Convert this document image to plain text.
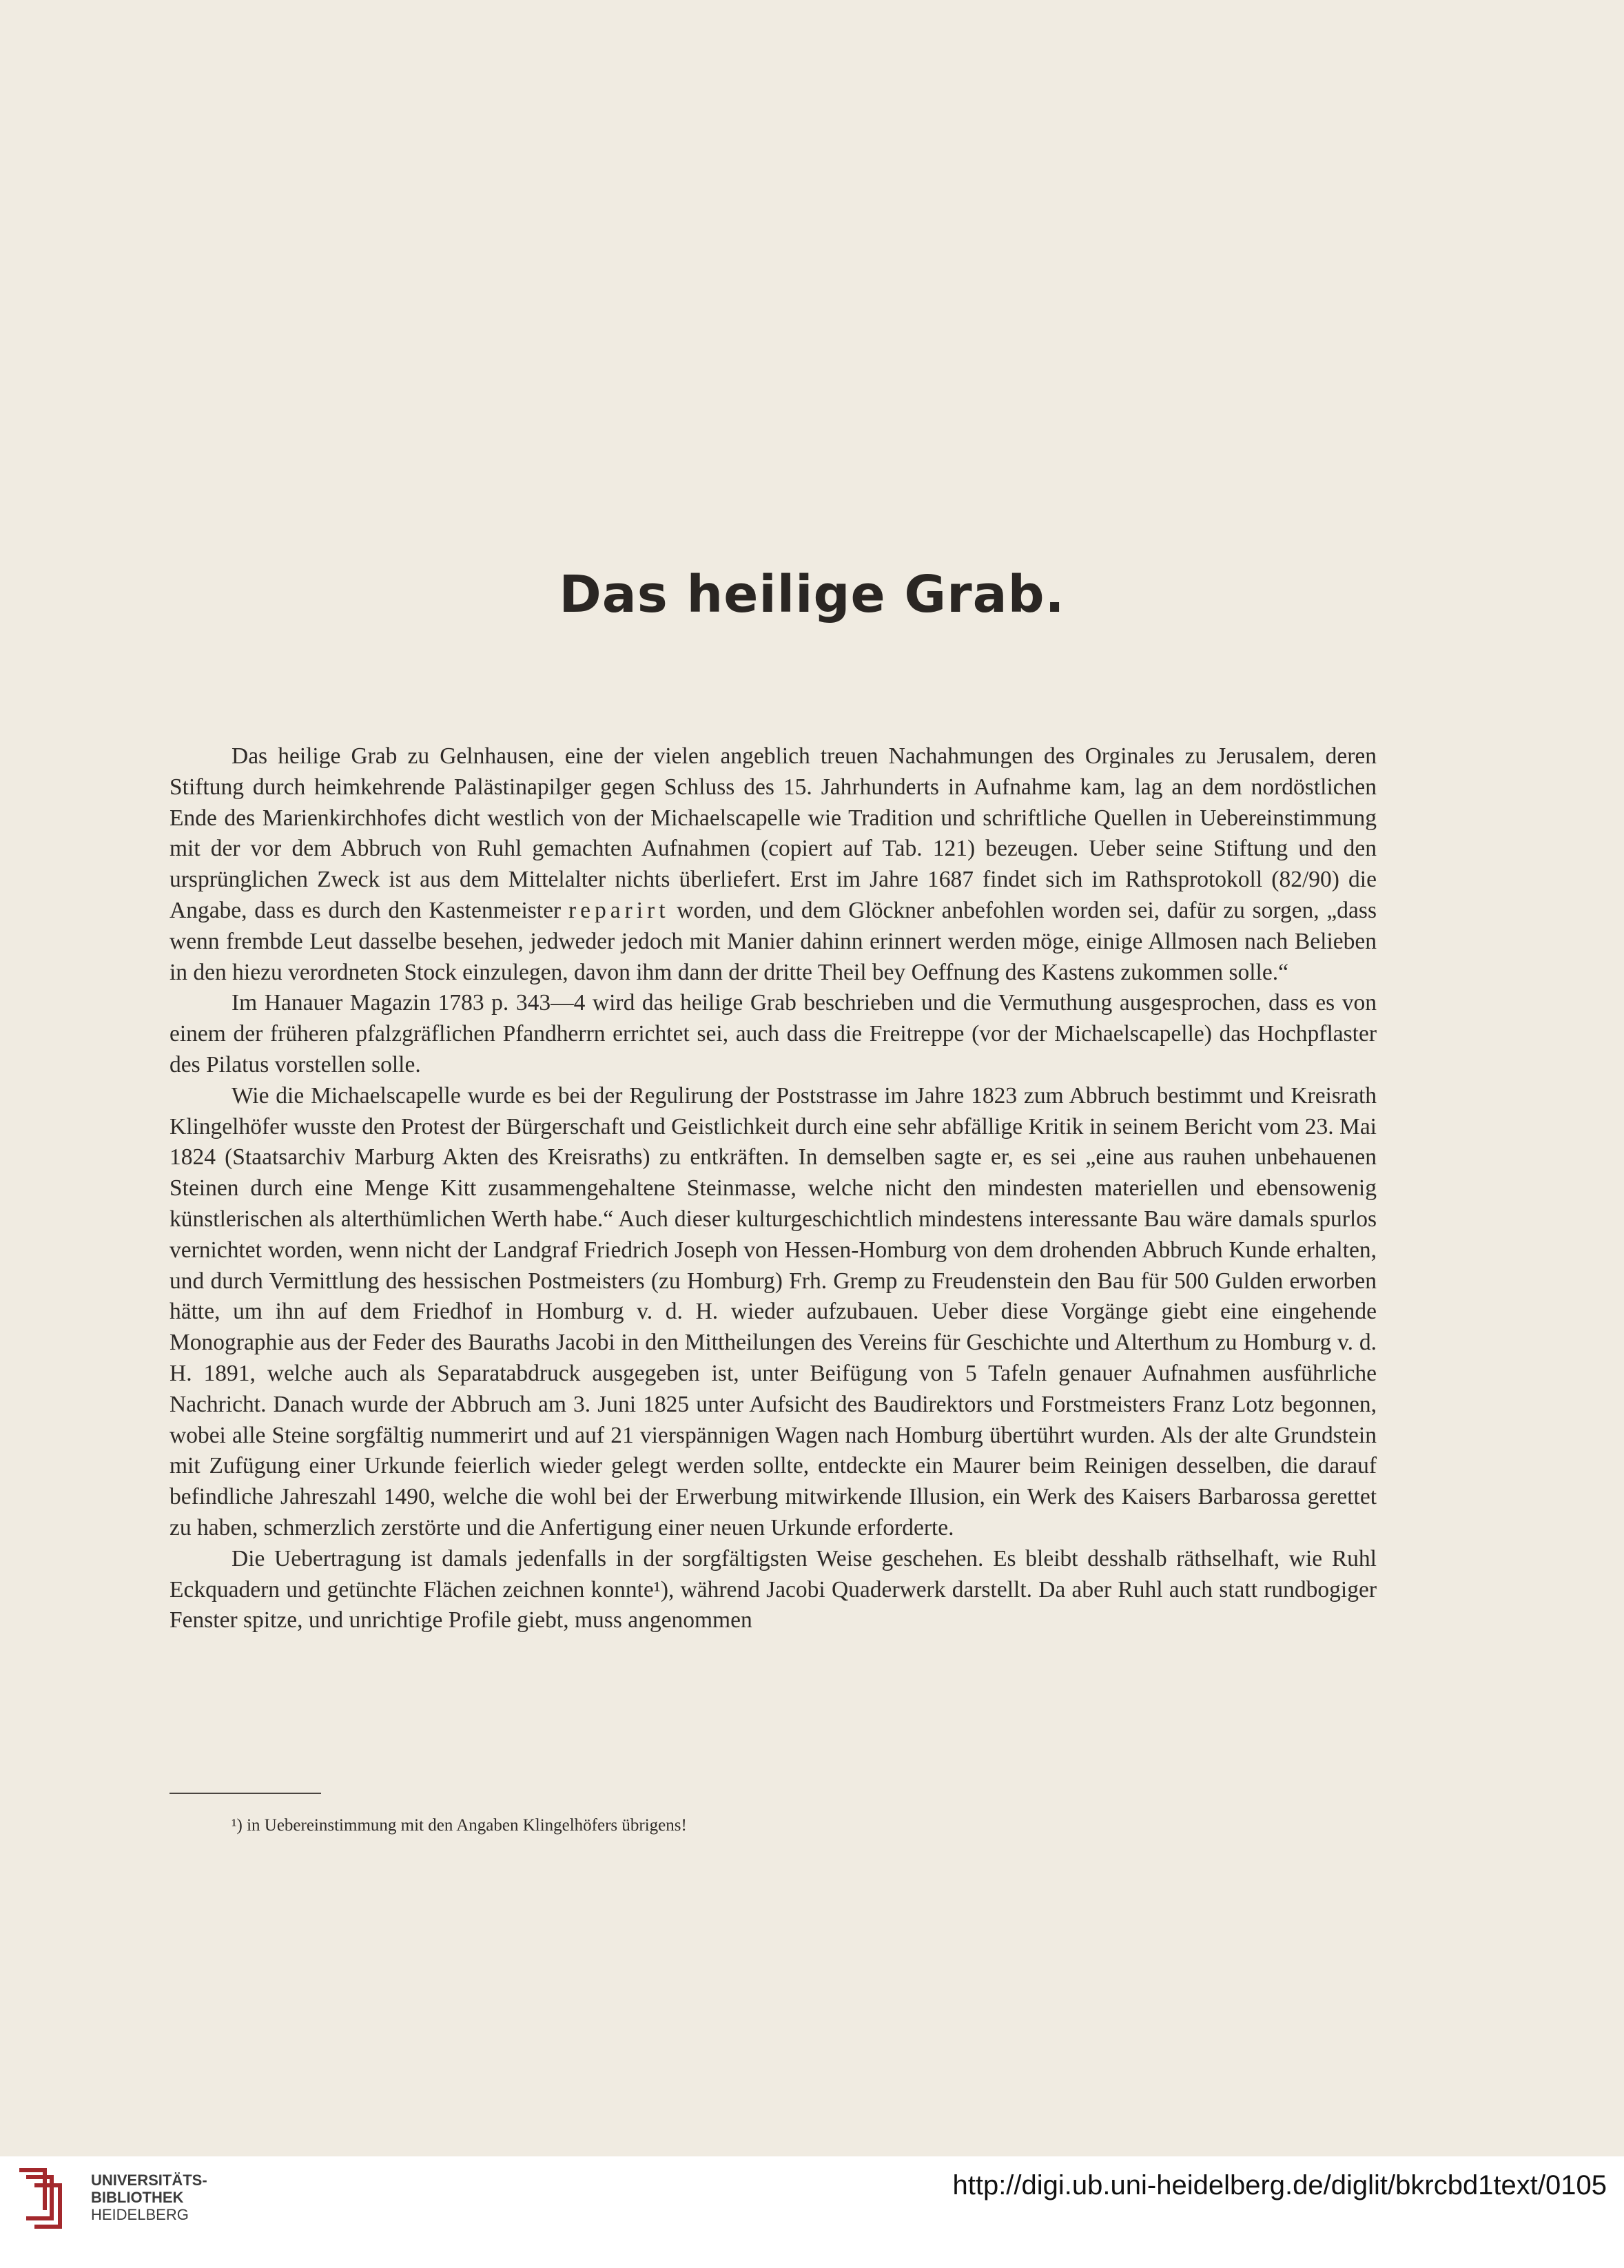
Das heilige Grab.

Das heilige Grab zu Gelnhausen, eine der vielen angeblich treuen Nachahmungen des Orginales zu Jerusalem, deren Stiftung durch heimkehrende Palästinapilger gegen Schluss des 15. Jahrhunderts in Aufnahme kam, lag an dem nordöstlichen Ende des Marienkirchhofes dicht westlich von der Michaelscapelle wie Tradition und schriftliche Quellen in Uebereinstimmung mit der vor dem Abbruch von Ruhl gemachten Aufnahmen (copiert auf Tab. 121) bezeugen. Ueber seine Stiftung und den ursprünglichen Zweck ist aus dem Mittelalter nichts überliefert. Erst im Jahre 1687 findet sich im Rathsprotokoll (82/90) die Angabe, dass es durch den Kastenmeister reparirt worden, und dem Glöckner anbefohlen worden sei, dafür zu sorgen, „dass wenn frembde Leut dasselbe besehen, jedweder jedoch mit Manier dahinn erinnert werden möge, einige Allmosen nach Belieben in den hiezu verordneten Stock einzulegen, davon ihm dann der dritte Theil bey Oeffnung des Kastens zukommen solle.“

Im Hanauer Magazin 1783 p. 343—4 wird das heilige Grab beschrieben und die Vermuthung ausgesprochen, dass es von einem der früheren pfalzgräflichen Pfandherrn errichtet sei, auch dass die Freitreppe (vor der Michaelscapelle) das Hochpflaster des Pilatus vorstellen solle.

Wie die Michaelscapelle wurde es bei der Regulirung der Poststrasse im Jahre 1823 zum Abbruch bestimmt und Kreisrath Klingelhöfer wusste den Protest der Bürgerschaft und Geistlichkeit durch eine sehr abfällige Kritik in seinem Bericht vom 23. Mai 1824 (Staatsarchiv Marburg Akten des Kreisraths) zu entkräften. In demselben sagte er, es sei „eine aus rauhen unbehauenen Steinen durch eine Menge Kitt zusammengehaltene Steinmasse, welche nicht den mindesten materiellen und ebensowenig künstlerischen als alterthümlichen Werth habe.“ Auch dieser kulturgeschichtlich mindestens interessante Bau wäre damals spurlos vernichtet worden, wenn nicht der Landgraf Friedrich Joseph von Hessen-Homburg von dem drohenden Abbruch Kunde erhalten, und durch Vermittlung des hessischen Postmeisters (zu Homburg) Frh. Gremp zu Freudenstein den Bau für 500 Gulden erworben hätte, um ihn auf dem Friedhof in Homburg v. d. H. wieder aufzubauen. Ueber diese Vorgänge giebt eine eingehende Monographie aus der Feder des Bauraths Jacobi in den Mittheilungen des Vereins für Geschichte und Alterthum zu Homburg v. d. H. 1891, welche auch als Separatabdruck ausgegeben ist, unter Beifügung von 5 Tafeln genauer Aufnahmen ausführliche Nachricht. Danach wurde der Abbruch am 3. Juni 1825 unter Aufsicht des Baudirektors und Forstmeisters Franz Lotz begonnen, wobei alle Steine sorgfältig nummerirt und auf 21 vierspännigen Wagen nach Homburg übertührt wurden. Als der alte Grundstein mit Zufügung einer Urkunde feierlich wieder gelegt werden sollte, entdeckte ein Maurer beim Reinigen desselben, die darauf befindliche Jahreszahl 1490, welche die wohl bei der Erwerbung mitwirkende Illusion, ein Werk des Kaisers Barbarossa gerettet zu haben, schmerzlich zerstörte und die Anfertigung einer neuen Urkunde erforderte.

Die Uebertragung ist damals jedenfalls in der sorgfältigsten Weise geschehen. Es bleibt desshalb räthselhaft, wie Ruhl Eckquadern und getünchte Flächen zeichnen konnte¹), während Jacobi Quaderwerk darstellt. Da aber Ruhl auch statt rundbogiger Fenster spitze, und unrichtige Profile giebt, muss angenommen

¹) in Uebereinstimmung mit den Angaben Klingelhöfers übrigens!
UNIVERSITÄTS-
BIBLIOTHEK
HEIDELBERG
http://digi.ub.uni-heidelberg.de/diglit/bkrcbd1text/0105
